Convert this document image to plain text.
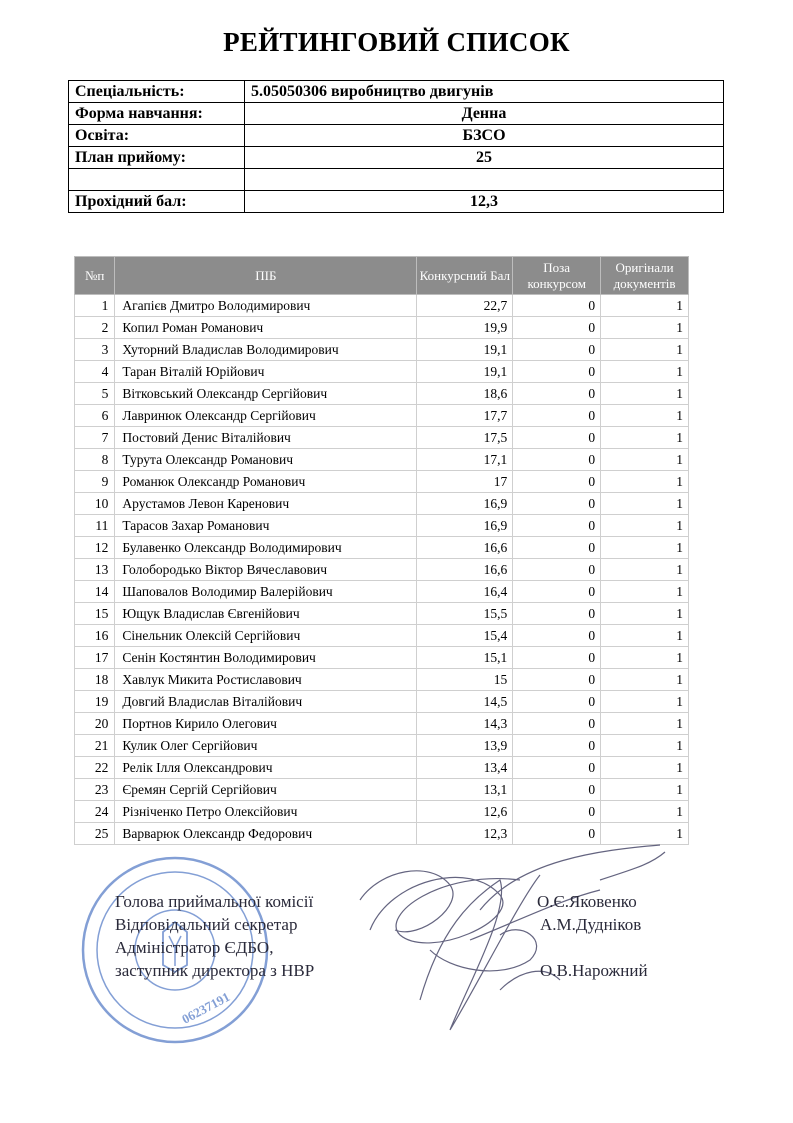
РЕЙТИНГОВИЙ СПИСОК
Спеціальність:	5.05050306 виробництво двигунів
Форма навчання:	Денна
Освіта:	БЗСО
План прийому:	25

Прохідний бал:	12,3
№п	ПІБ	Конкурсний Бал	Поза конкурсом	Оригінали документів
1	Агапієв Дмитро Володимирович	22,7	0	1
2	Копил Роман Романович	19,9	0	1
3	Хуторний Владислав Володимирович	19,1	0	1
4	Таран Віталій Юрійович	19,1	0	1
5	Вітковський Олександр Сергійович	18,6	0	1
6	Лавринюк Олександр Сергійович	17,7	0	1
7	Постовий Денис Віталійович	17,5	0	1
8	Турута Олександр Романович	17,1	0	1
9	Романюк Олександр Романович	17	0	1
10	Арустамов Левон Каренович	16,9	0	1
11	Тарасов Захар Романович	16,9	0	1
12	Булавенко Олександр Володимирович	16,6	0	1
13	Голобородько Віктор Вячеславович	16,6	0	1
14	Шаповалов Володимир Валерійович	16,4	0	1
15	Ющук Владислав Євгенійович	15,5	0	1
16	Сінельник Олексій Сергійович	15,4	0	1
17	Сенін Костянтин Володимирович	15,1	0	1
18	Хавлук Микита Ростиславович	15	0	1
19	Довгий Владислав Віталійович	14,5	0	1
20	Портнов Кирило Олегович	14,3	0	1
21	Кулик Олег Сергійович	13,9	0	1
22	Релік Ілля Олександрович	13,4	0	1
23	Єремян Сергій Сергійович	13,1	0	1
24	Різніченко Петро Олексійович	12,6	0	1
25	Варварюк Олександр Федорович	12,3	0	1
06237191
Голова приймальної комісії	О.Є.Яковенко
Відповідальний секретар	А.М.Дудніков
Адміністратор ЄДБО,
заступник директора з НВР	О.В.Нарожний
